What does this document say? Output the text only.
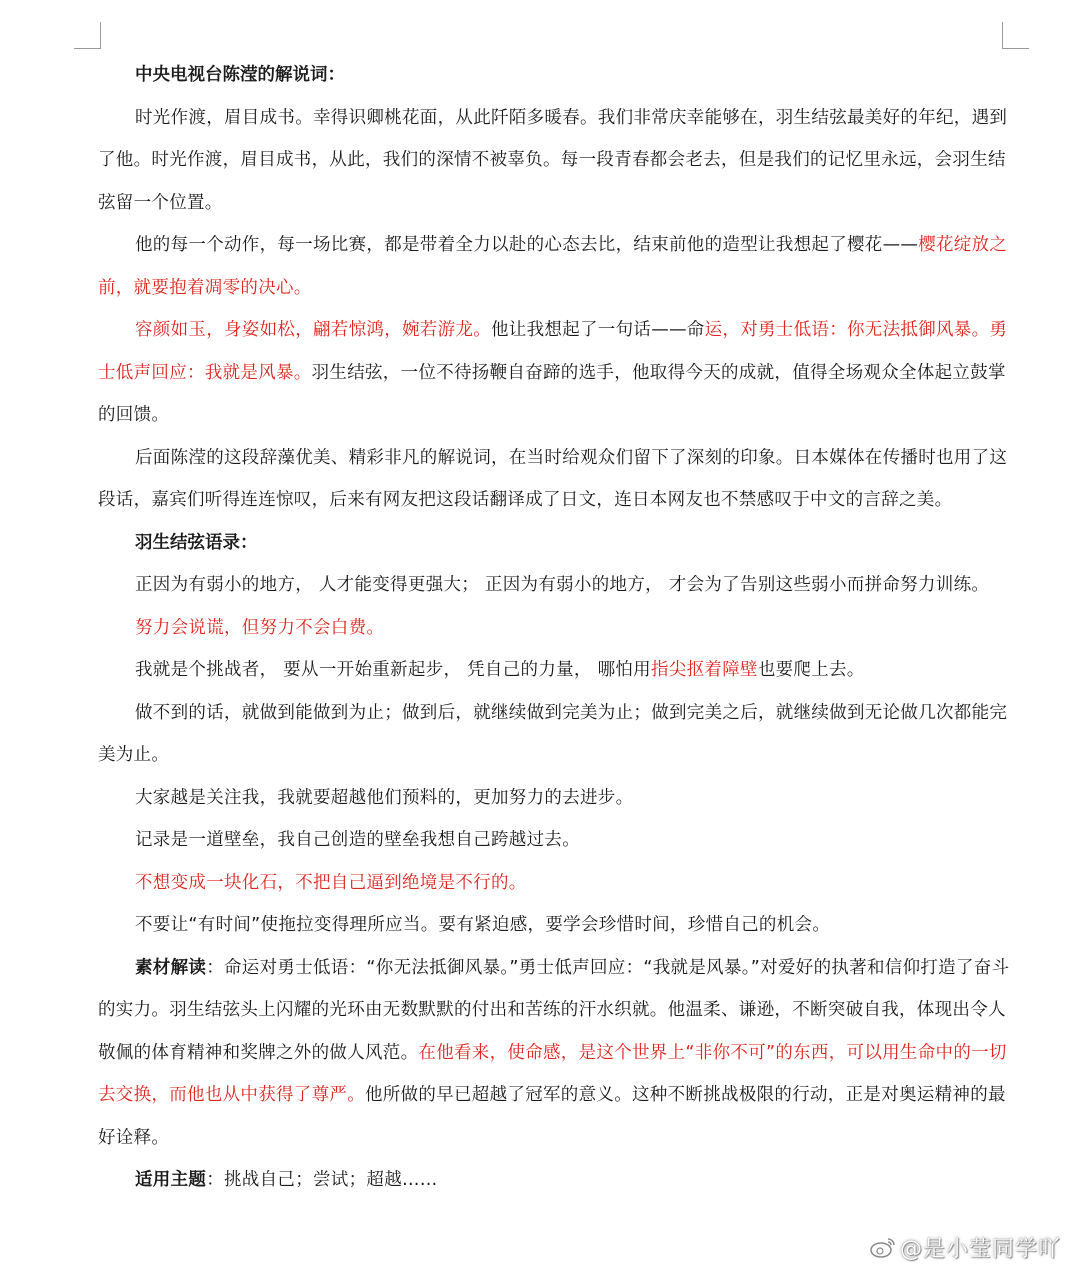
中央电视台陈滢的解说词：

时光作渡，眉目成书。幸得识卿桃花面，从此阡陌多暖春。我们非常庆幸能够在，羽生结弦最美好的年纪，遇到了他。时光作渡，眉目成书，从此，我们的深情不被辜负。每一段青春都会老去，但是我们的记忆里永远，会羽生结弦留一个位置。

他的每一个动作，每一场比赛，都是带着全力以赴的心态去比，结束前他的造型让我想起了樱花——樱花绽放之前，就要抱着凋零的决心。

容颜如玉，身姿如松，翩若惊鸿，婉若游龙。他让我想起了一句话——命运，对勇士低语：你无法抵御风暴。勇士低声回应：我就是风暴。羽生结弦，一位不待扬鞭自奋蹄的选手，他取得今天的成就，值得全场观众全体起立鼓掌的回馈。

后面陈滢的这段辞藻优美、精彩非凡的解说词，在当时给观众们留下了深刻的印象。日本媒体在传播时也用了这段话，嘉宾们听得连连惊叹，后来有网友把这段话翻译成了日文，连日本网友也不禁感叹于中文的言辞之美。

羽生结弦语录：

正因为有弱小的地方， 人才能变得更强大； 正因为有弱小的地方， 才会为了告别这些弱小而拼命努力训练。

努力会说谎，但努力不会白费。

我就是个挑战者， 要从一开始重新起步， 凭自己的力量， 哪怕用指尖抠着障壁也要爬上去。

做不到的话，就做到能做到为止；做到后，就继续做到完美为止；做到完美之后，就继续做到无论做几次都能完美为止。

大家越是关注我，我就要超越他们预料的，更加努力的去进步。

记录是一道壁垒，我自己创造的壁垒我想自己跨越过去。

不想变成一块化石，不把自己逼到绝境是不行的。

不要让“有时间”使拖拉变得理所应当。要有紧迫感，要学会珍惜时间，珍惜自己的机会。

素材解读：命运对勇士低语：“你无法抵御风暴。”勇士低声回应：“我就是风暴。”对爱好的执著和信仰打造了奋斗的实力。羽生结弦头上闪耀的光环由无数默默的付出和苦练的汗水织就。他温柔、谦逊，不断突破自我，体现出令人敬佩的体育精神和奖牌之外的做人风范。在他看来，使命感，是这个世界上“非你不可”的东西，可以用生命中的一切去交换，而他也从中获得了尊严。他所做的早已超越了冠军的意义。这种不断挑战极限的行动，正是对奥运精神的最好诠释。

适用主题：挑战自己；尝试；超越……

@是小莹同学吖
